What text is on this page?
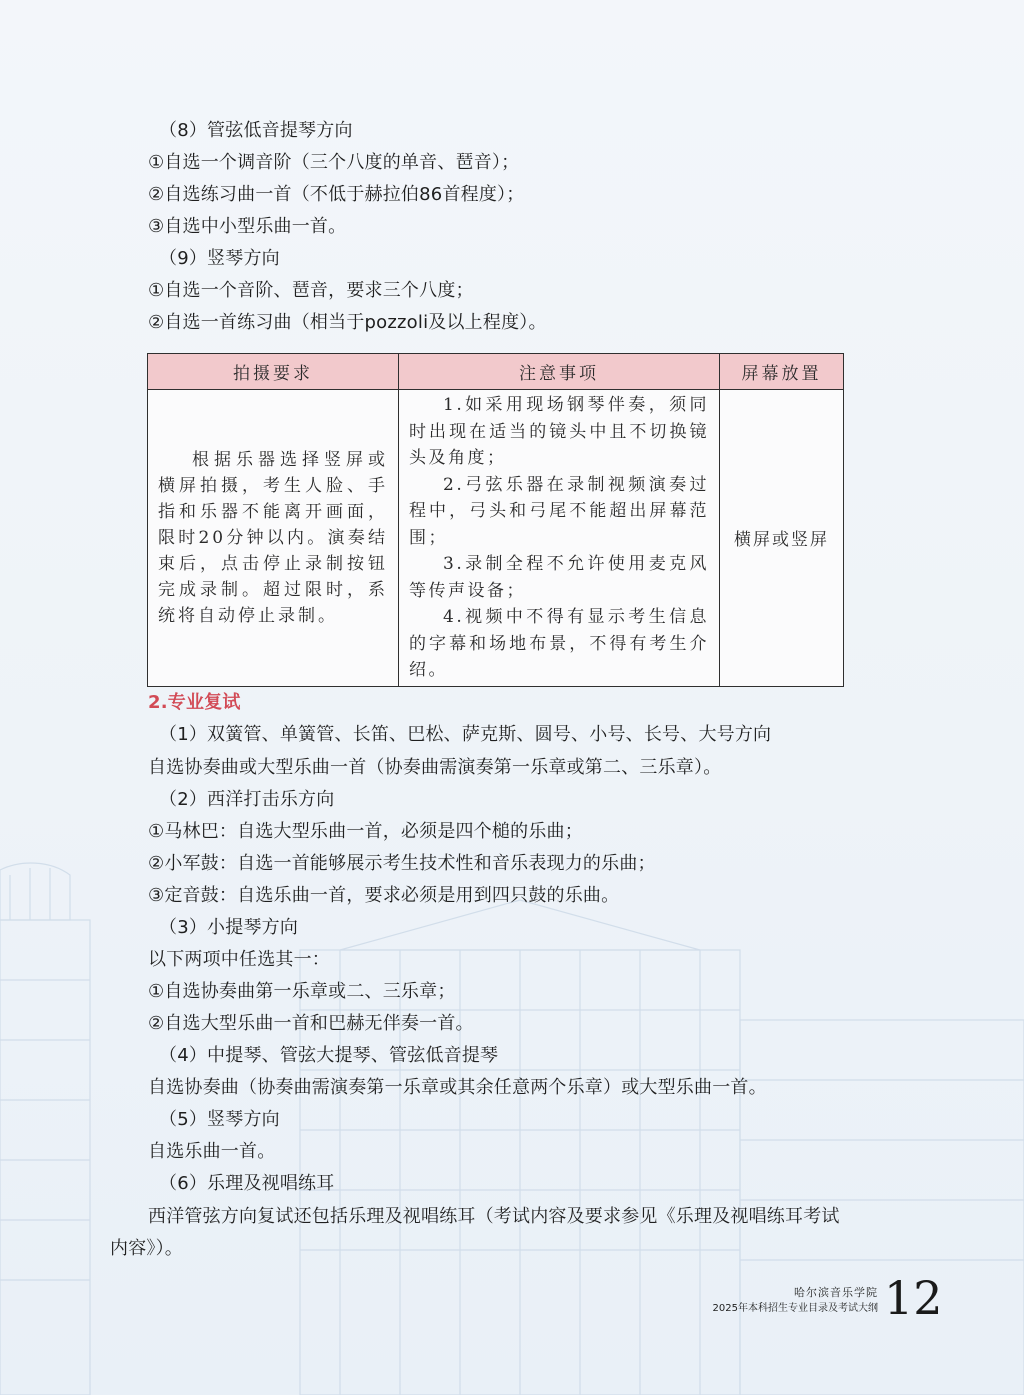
（8）管弦低音提琴方向
①自选一个调音阶（三个八度的单音、琶音）；
②自选练习曲一首（不低于赫拉伯86首程度）；
③自选中小型乐曲一首。
（9）竖琴方向
①自选一个音阶、琶音，要求三个八度；
②自选一首练习曲（相当于pozzoli及以上程度）。
拍摄要求	注意事项	屏幕放置

根据乐器选择竖屏或横屏拍摄，考生人脸、手指和乐器不能离开画面，限时20分钟以内。演奏结束后，点击停止录制按钮完成录制。超过限时，系统将自动停止录制。	1.如采用现场钢琴伴奏，须同时出现在适当的镜头中且不切换镜头及角度；
2.弓弦乐器在录制视频演奏过程中，弓头和弓尾不能超出屏幕范围；
3.录制全程不允许使用麦克风等传声设备；
4.视频中不得有显示考生信息的字幕和场地布景，不得有考生介绍。	横屏或竖屏
2.专业复试
（1）双簧管、单簧管、长笛、巴松、萨克斯、圆号、小号、长号、大号方向
自选协奏曲或大型乐曲一首（协奏曲需演奏第一乐章或第二、三乐章）。
（2）西洋打击乐方向
①马林巴：自选大型乐曲一首，必须是四个槌的乐曲；
②小军鼓：自选一首能够展示考生技术性和音乐表现力的乐曲；
③定音鼓：自选乐曲一首，要求必须是用到四只鼓的乐曲。
（3）小提琴方向
以下两项中任选其一：
①自选协奏曲第一乐章或二、三乐章；
②自选大型乐曲一首和巴赫无伴奏一首。
（4）中提琴、管弦大提琴、管弦低音提琴
自选协奏曲（协奏曲需演奏第一乐章或其余任意两个乐章）或大型乐曲一首。
（5）竖琴方向
自选乐曲一首。
（6）乐理及视唱练耳
西洋管弦方向复试还包括乐理及视唱练耳（考试内容及要求参见《乐理及视唱练耳考试
内容》）。
哈尔滨音乐学院
2025年本科招生专业目录及考试大纲 12
